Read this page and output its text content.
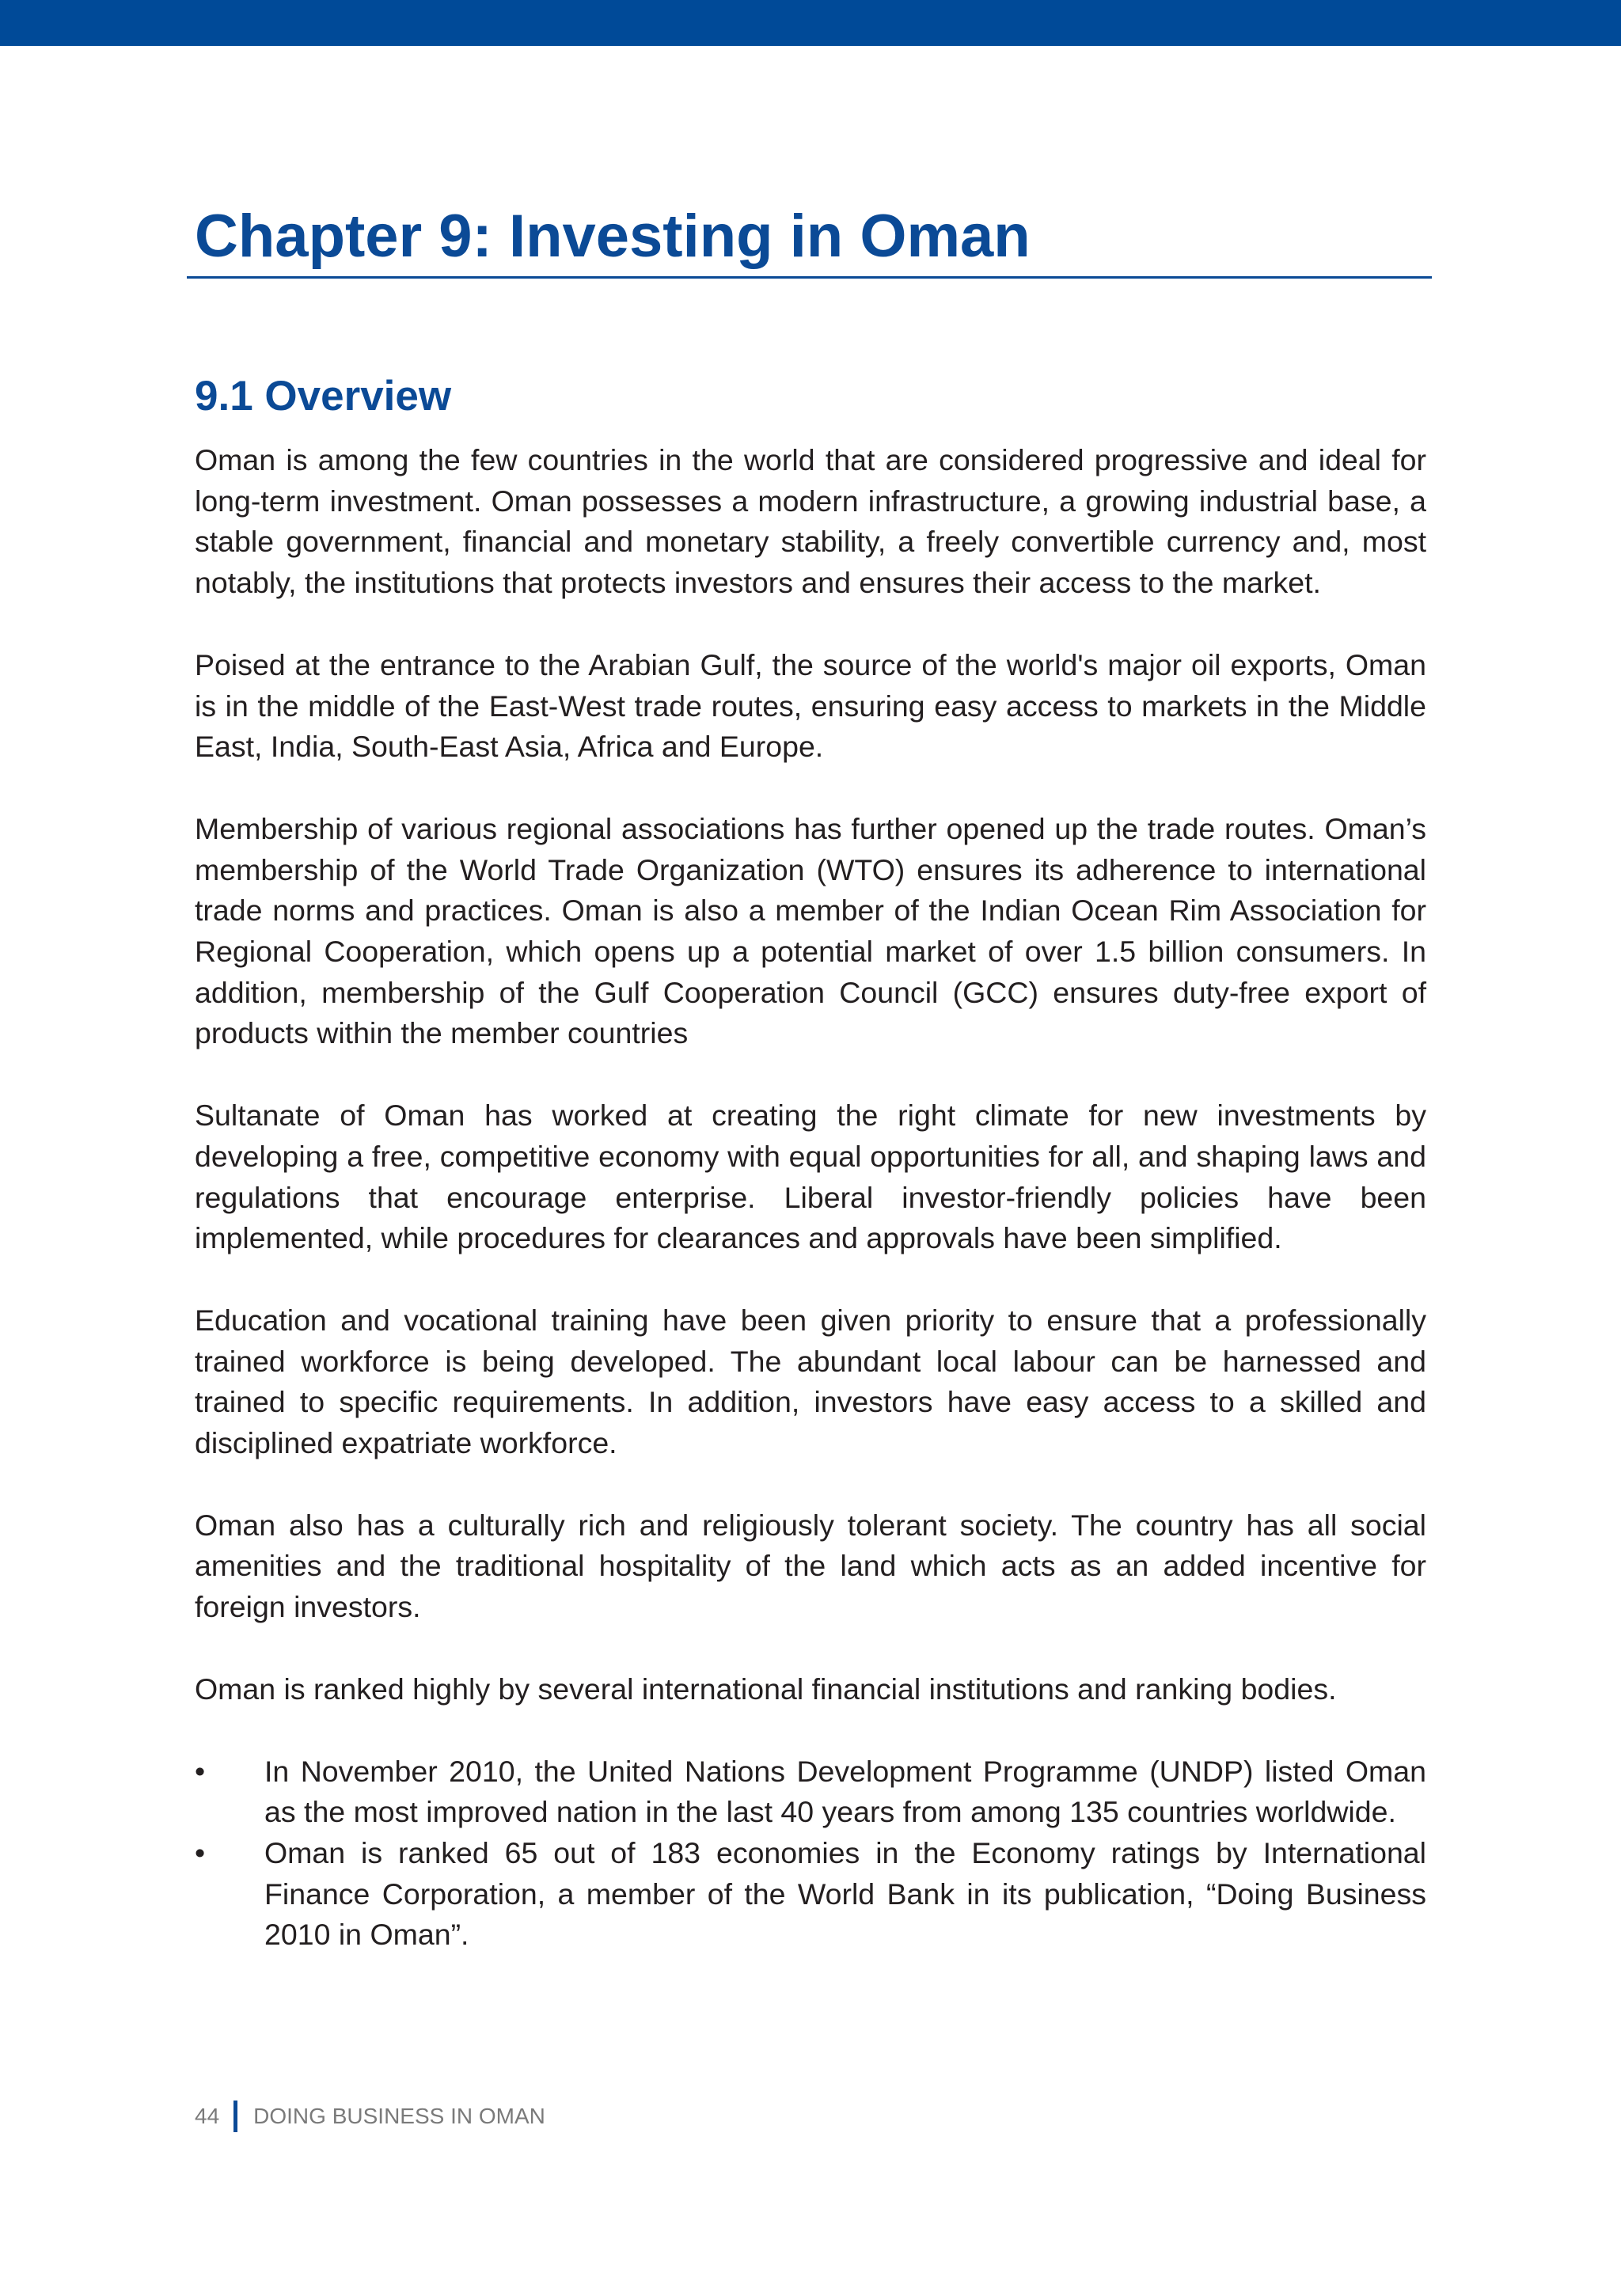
Chapter 9: Investing in Oman
9.1 Overview

Oman is among the few countries in the world that are considered progressive and ideal for long-term investment. Oman possesses a modern infrastructure, a growing industrial base, a stable government, financial and monetary stability, a freely convertible currency and, most notably, the institutions that protects investors and ensures their access to the market.

Poised at the entrance to the Arabian Gulf, the source of the world's major oil exports, Oman is in the middle of the East-West trade routes, ensuring easy access to markets in the Middle East, India, South-East Asia, Africa and Europe.

Membership of various regional associations has further opened up the trade routes. Oman’s membership of the World Trade Organization (WTO) ensures its adherence to international trade norms and practices. Oman is also a member of the Indian Ocean Rim Association for Regional Cooperation, which opens up a potential market of over 1.5 billion consumers. In addition, membership of the Gulf Cooperation Council (GCC) ensures duty-free export of products within the member countries

Sultanate of Oman has worked at creating the right climate for new investments by developing a free, competitive economy with equal opportunities for all, and shaping laws and regulations that encourage enterprise. Liberal investor-friendly policies have been implemented, while procedures for clearances and approvals have been simplified.

Education and vocational training have been given priority to ensure that a professionally trained workforce is being developed. The abundant local labour can be harnessed and trained to specific requirements. In addition, investors have easy access to a skilled and disciplined expatriate workforce.

Oman also has a culturally rich and religiously tolerant society. The country has all social amenities and the traditional hospitality of the land which acts as an added incentive for foreign investors.

Oman is ranked highly by several international financial institutions and ranking bodies.

•	In November 2010, the United Nations Development Programme (UNDP) listed Oman as the most improved nation in the last 40 years from among 135 countries worldwide.
•	Oman is ranked 65 out of 183 economies in the Economy ratings by International Finance Corporation, a member of the World Bank in its publication, “Doing Business 2010 in Oman”.
44 DOING BUSINESS IN OMAN
